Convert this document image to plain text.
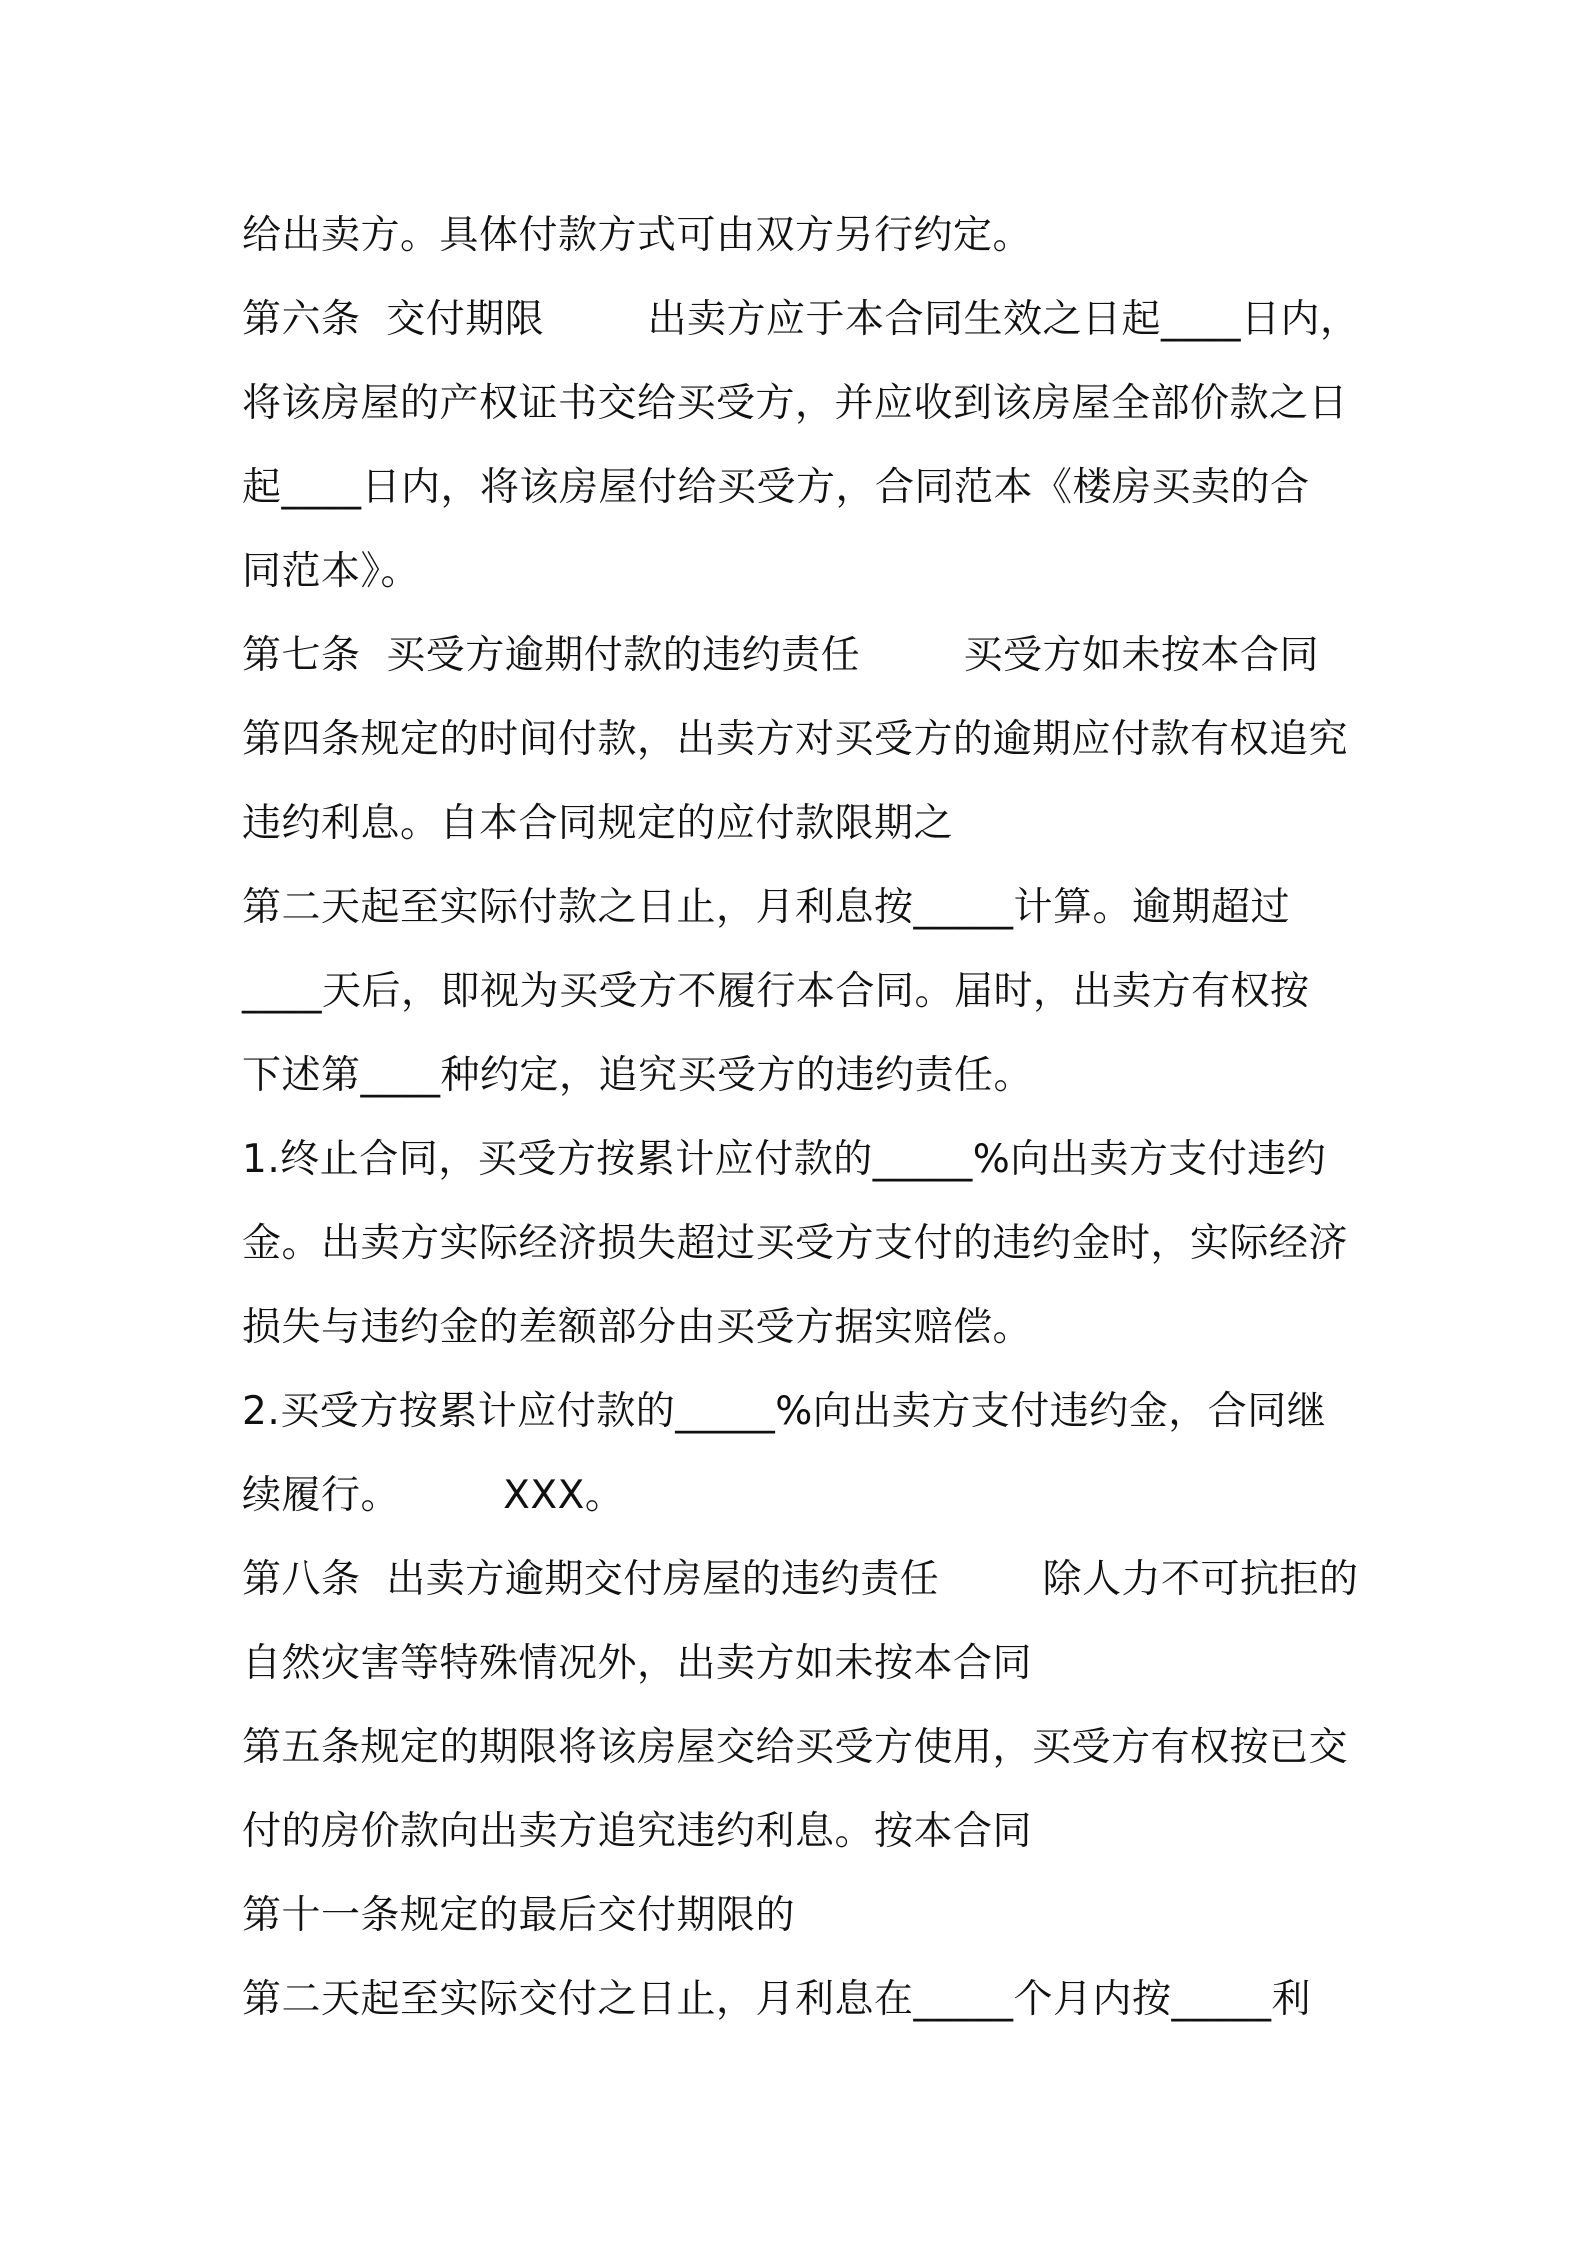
给出卖方。具体付款方式可由双方另行约定。

第六条  交付期限        出卖方应于本合同生效之日起____日内，

将该房屋的产权证书交给买受方，并应收到该房屋全部价款之日

起____日内，将该房屋付给买受方，合同范本《楼房买卖的合

同范本》。

第七条  买受方逾期付款的违约责任        买受方如未按本合同

第四条规定的时间付款，出卖方对买受方的逾期应付款有权追究

违约利息。自本合同规定的应付款限期之

第二天起至实际付款之日止，月利息按_____计算。逾期超过

____天后，即视为买受方不履行本合同。届时，出卖方有权按

下述第____种约定，追究买受方的违约责任。

1.终止合同，买受方按累计应付款的_____%向出卖方支付违约

金。出卖方实际经济损失超过买受方支付的违约金时，实际经济

损失与违约金的差额部分由买受方据实赔偿。

2.买受方按累计应付款的_____%向出卖方支付违约金，合同继

续履行。        XXX。

第八条  出卖方逾期交付房屋的违约责任        除人力不可抗拒的

自然灾害等特殊情况外，出卖方如未按本合同

第五条规定的期限将该房屋交给买受方使用，买受方有权按已交

付的房价款向出卖方追究违约利息。按本合同

第十一条规定的最后交付期限的

第二天起至实际交付之日止，月利息在_____个月内按_____利
